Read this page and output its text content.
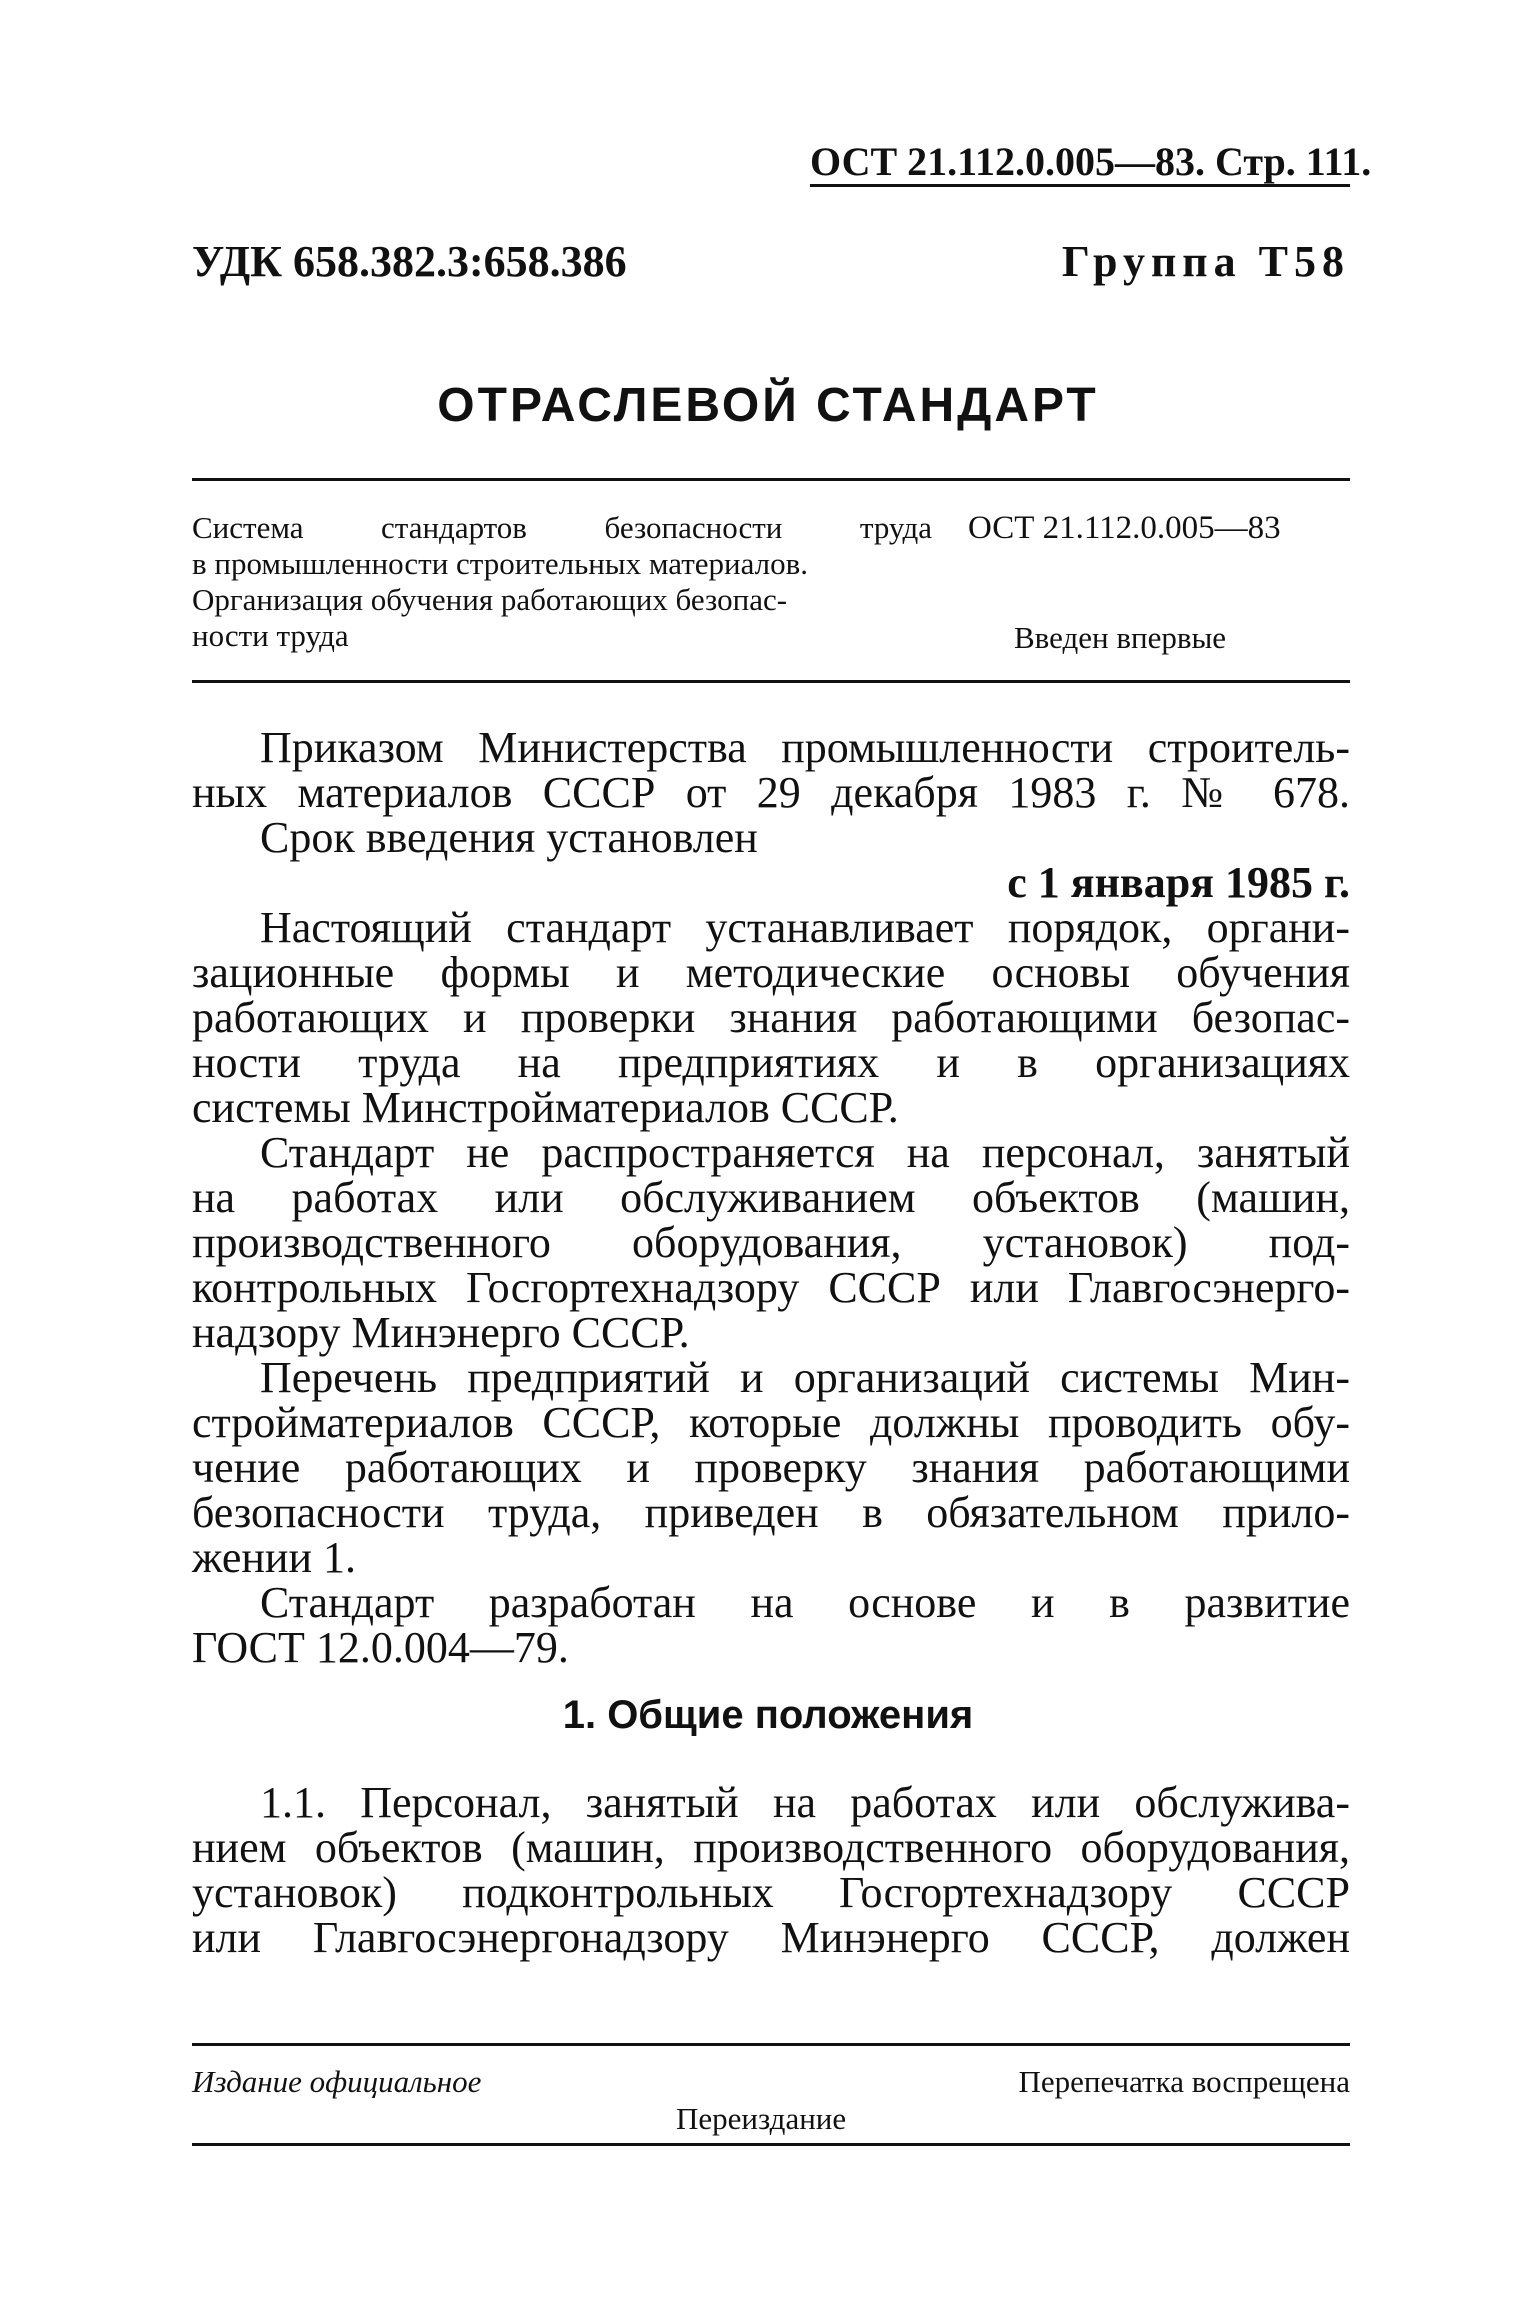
ОСТ 21.112.0.005—83. Стр. 111.
УДК 658.382.3:658.386	Группа Т58
ОТРАСЛЕВОЙ СТАНДАРТ
Система стандартов безопасности труда
в промышленности строительных материалов.
Организация обучения работающих безопас-
ности труда
ОСТ 21.112.0.005—83
Введен впервые
Приказом Министерства промышленности строитель-
ных материалов СССР от 29 декабря 1983 г. № 678.
Срок введения установлен
с 1 января 1985 г.
Настоящий стандарт устанавливает порядок, органи-
зационные формы и методические основы обучения
работающих и проверки знания работающими безопас-
ности труда на предприятиях и в организациях
системы Минстройматериалов СССР.
Стандарт не распространяется на персонал, занятый
на работах или обслуживанием объектов (машин,
производственного оборудования, установок) под-
контрольных Госгортехнадзору СССР или Главгосэнерго-
надзору Минэнерго СССР.
Перечень предприятий и организаций системы Мин-
стройматериалов СССР, которые должны проводить обу-
чение работающих и проверку знания работающими
безопасности труда, приведен в обязательном прило-
жении 1.
Стандарт разработан на основе и в развитие
ГОСТ 12.0.004—79.
1. Общие положения
1.1. Персонал, занятый на работах или обслужива-
нием объектов (машин, производственного оборудования,
установок) подконтрольных Госгортехнадзору СССР
или Главгосэнергонадзору Минэнерго СССР, должен
Издание официальное	Перепечатка воспрещена
Переиздание
